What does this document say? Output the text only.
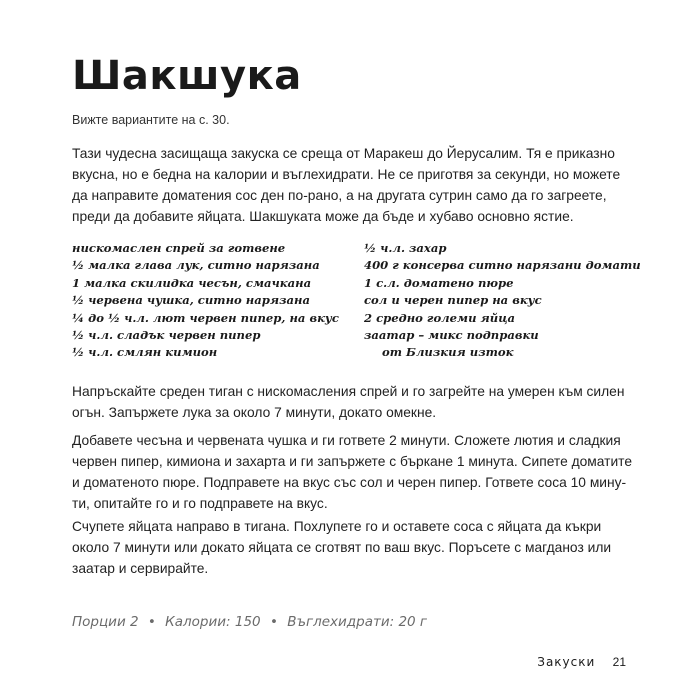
Шакшука
Вижте вариантите на с. 30.
Тази чудесна засищаща закуска се среща от Маракеш до Йерусалим. Тя е приказно
вкусна, но е бедна на калории и въглехидрати. Не се приготвя за секунди, но можете
да направите доматения сос ден по-рано, а на другата сутрин само да го загреете,
преди да добавите яйцата. Шакшуката може да бъде и хубаво основно ястие.
нискомаслен спрей за готвене
½ малка глава лук, ситно нарязана
1 малка скилидка чесън, смачкана
½ червена чушка, ситно нарязана
¼ до ½ ч.л. лют червен пипер, на вкус
½ ч.л. сладък червен пипер
½ ч.л. смлян кимион
½ ч.л. захар
400 г консерва ситно нарязани домати
1 с.л. доматено пюре
сол и черен пипер на вкус
2 средно големи яйца
заатар – микс подправки
от Близкия изток
Напръскайте среден тиган с нискомасления спрей и го загрейте на умерен към силен
огън. Запържете лука за около 7 минути, докато омекне.
Добавете чесъна и червената чушка и ги гответе 2 минути. Сложете лютия и сладкия
червен пипер, кимиона и захарта и ги запържете с бъркане 1 минута. Сипете доматите
и доматеното пюре. Подправете на вкус със сол и черен пипер. Гответе соса 10 мину-
ти, опитайте го и го подправете на вкус.
Счупете яйцата направо в тигана. Похлупете го и оставете соса с яйцата да къкри
около 7 минути или докато яйцата се сготвят по ваш вкус. Поръсете с магданоз или
заатар и сервирайте.
Порции 2 • Калории: 150 • Въглехидрати: 20 г
Закуски 21
